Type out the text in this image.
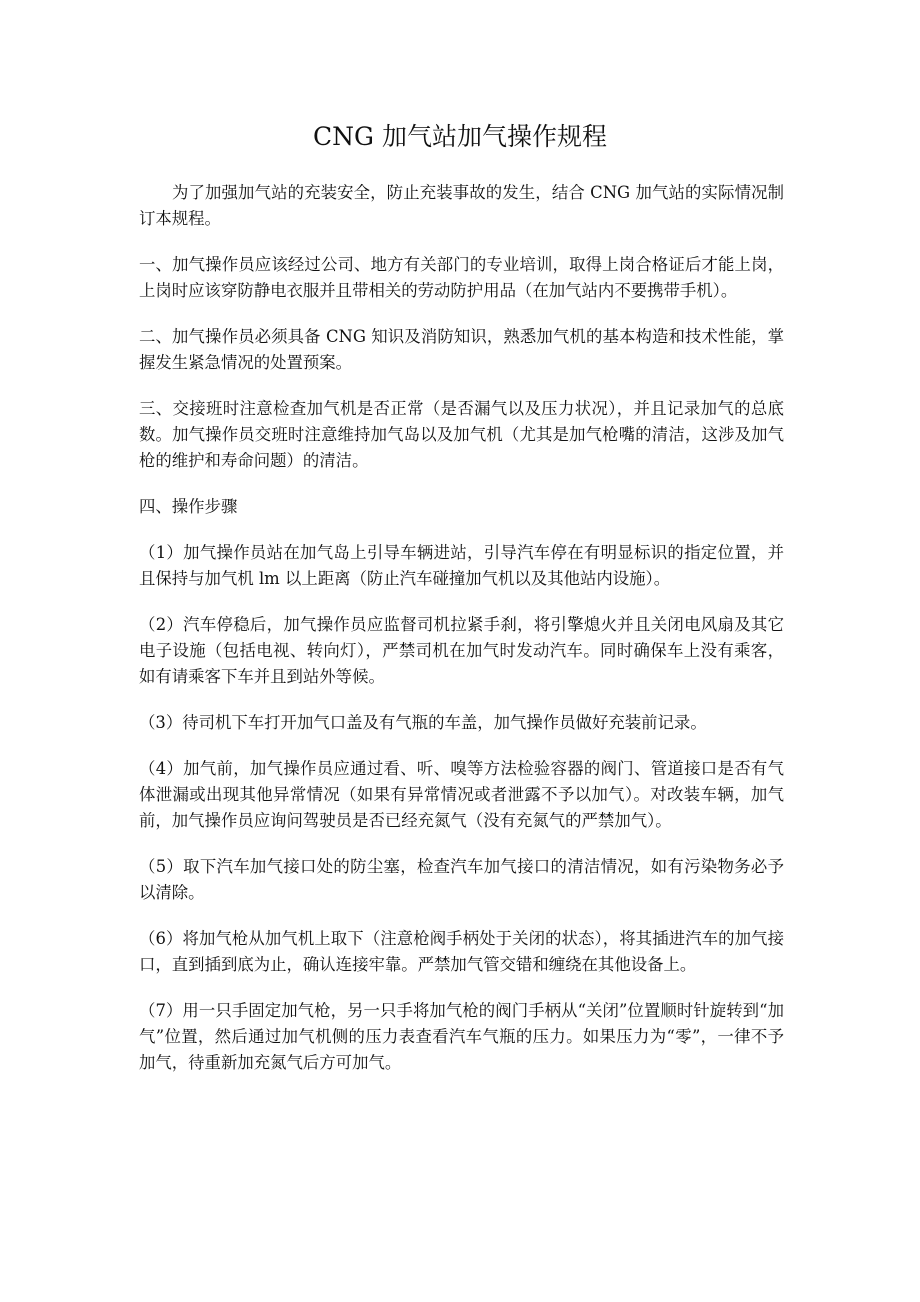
CNG 加气站加气操作规程

为了加强加气站的充装安全，防止充装事故的发生，结合 CNG 加气站的实际情况制订本规程。

一、加气操作员应该经过公司、地方有关部门的专业培训，取得上岗合格证后才能上岗，上岗时应该穿防静电衣服并且带相关的劳动防护用品（在加气站内不要携带手机）。

二、加气操作员必须具备 CNG 知识及消防知识，熟悉加气机的基本构造和技术性能，掌握发生紧急情况的处置预案。

三、交接班时注意检查加气机是否正常（是否漏气以及压力状况），并且记录加气的总底数。加气操作员交班时注意维持加气岛以及加气机（尤其是加气枪嘴的清洁，这涉及加气枪的维护和寿命问题）的清洁。

四、操作步骤

（1）加气操作员站在加气岛上引导车辆进站，引导汽车停在有明显标识的指定位置，并且保持与加气机 lm 以上距离（防止汽车碰撞加气机以及其他站内设施）。

（2）汽车停稳后，加气操作员应监督司机拉紧手刹，将引擎熄火并且关闭电风扇及其它电子设施（包括电视、转向灯），严禁司机在加气时发动汽车。同时确保车上没有乘客，如有请乘客下车并且到站外等候。

（3）待司机下车打开加气口盖及有气瓶的车盖，加气操作员做好充装前记录。

（4）加气前，加气操作员应通过看、听、嗅等方法检验容器的阀门、管道接口是否有气体泄漏或出现其他异常情况（如果有异常情况或者泄露不予以加气）。对改装车辆，加气前，加气操作员应询问驾驶员是否已经充氮气（没有充氮气的严禁加气）。

（5）取下汽车加气接口处的防尘塞，检查汽车加气接口的清洁情况，如有污染物务必予以清除。

（6）将加气枪从加气机上取下（注意枪阀手柄处于关闭的状态），将其插进汽车的加气接口，直到插到底为止，确认连接牢靠。严禁加气管交错和缠绕在其他设备上。

（7）用一只手固定加气枪，另一只手将加气枪的阀门手柄从“关闭”位置顺时针旋转到“加气”位置，然后通过加气机侧的压力表查看汽车气瓶的压力。如果压力为“零”，一律不予加气，待重新加充氮气后方可加气。
